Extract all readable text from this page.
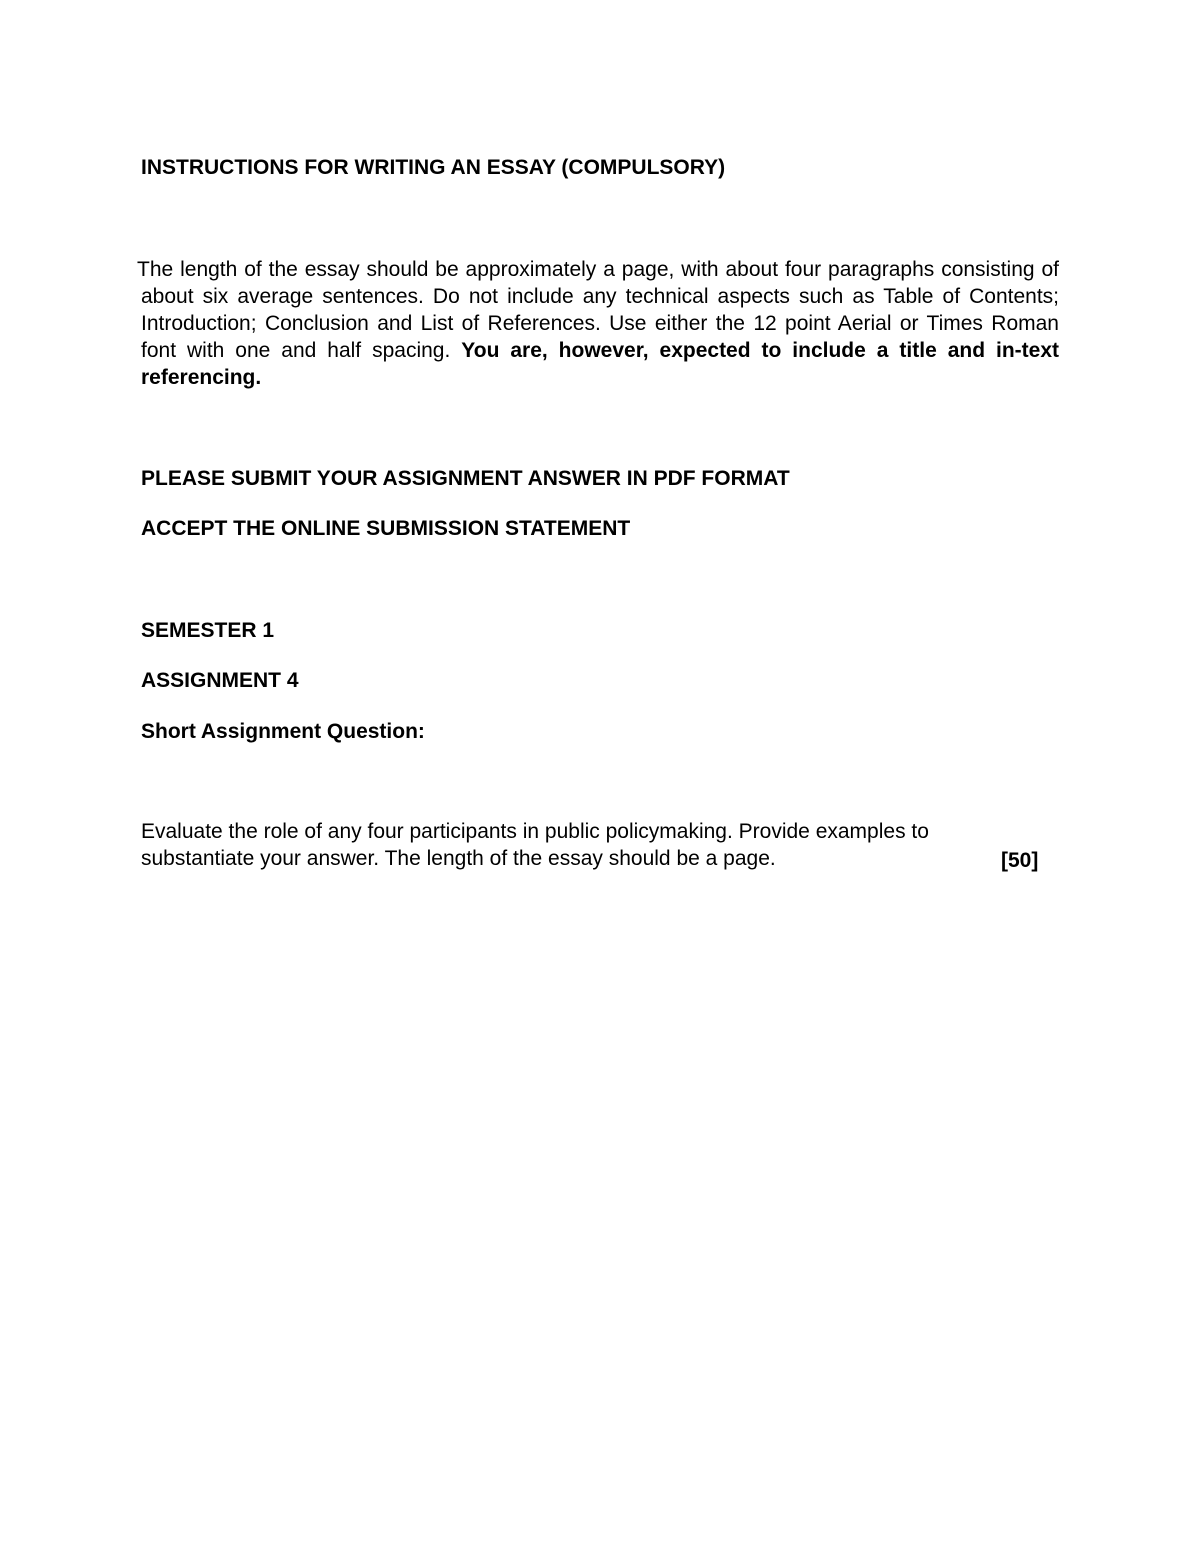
INSTRUCTIONS FOR WRITING AN ESSAY (COMPULSORY)
The length of the essay should be approximately a page, with about four paragraphs consisting of about six average sentences. Do not include any technical aspects such as Table of Contents; Introduction; Conclusion and List of References. Use either the 12 point Aerial or Times Roman font with one and half spacing. You are, however, expected to include a title and in-text referencing.
PLEASE SUBMIT YOUR ASSIGNMENT ANSWER IN PDF FORMAT
ACCEPT THE ONLINE SUBMISSION STATEMENT
SEMESTER 1
ASSIGNMENT 4
Short Assignment Question:
Evaluate the role of any four participants in public policymaking. Provide examples to substantiate your answer. The length of the essay should be a page.	[50]
